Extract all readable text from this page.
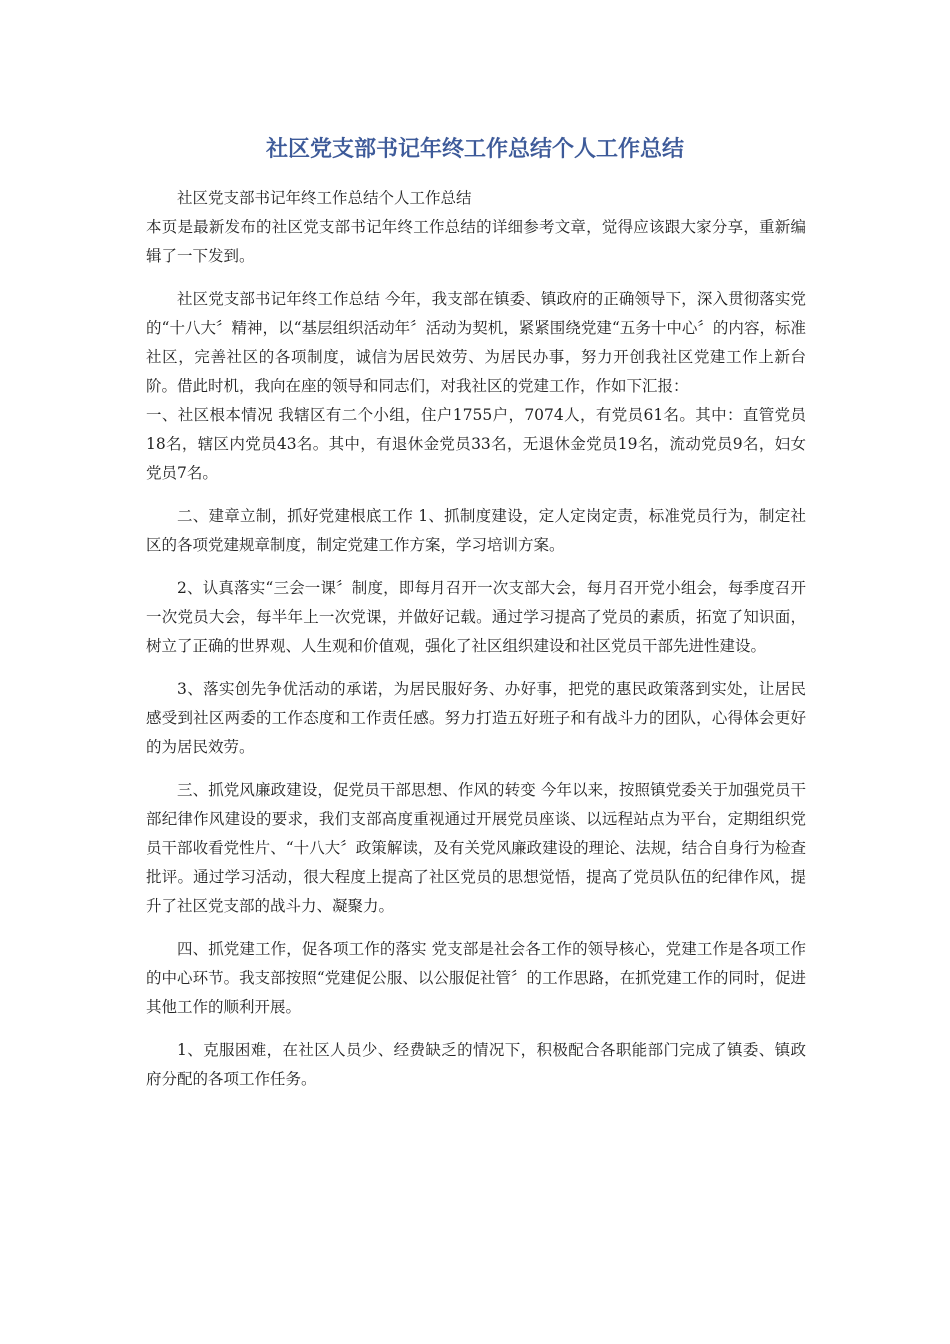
社区党支部书记年终工作总结个人工作总结

社区党支部书记年终工作总结个人工作总结

本页是最新发布的社区党支部书记年终工作总结的详细参考文章，觉得应该跟大家分享，重新编辑了一下发到。

社区党支部书记年终工作总结 今年，我支部在镇委、镇政府的正确领导下，深入贯彻落实党的“十八大〞精神，以“基层组织活动年〞活动为契机，紧紧围绕党建“五务十中心〞的内容，标准社区，完善社区的各项制度，诚信为居民效劳、为居民办事，努力开创我社区党建工作上新台阶。借此时机，我向在座的领导和同志们，对我社区的党建工作，作如下汇报：

一、社区根本情况 我辖区有二个小组，住户1755户，7074人，有党员61名。其中：直管党员18名，辖区内党员43名。其中，有退休金党员33名，无退休金党员19名，流动党员9名，妇女党员7名。

二、建章立制，抓好党建根底工作 1、抓制度建设，定人定岗定责，标准党员行为，制定社区的各项党建规章制度，制定党建工作方案，学习培训方案。

2、认真落实“三会一课〞制度，即每月召开一次支部大会，每月召开党小组会，每季度召开一次党员大会，每半年上一次党课，并做好记载。通过学习提高了党员的素质，拓宽了知识面，树立了正确的世界观、人生观和价值观，强化了社区组织建设和社区党员干部先进性建设。

3、落实创先争优活动的承诺，为居民服好务、办好事，把党的惠民政策落到实处，让居民感受到社区两委的工作态度和工作责任感。努力打造五好班子和有战斗力的团队，心得体会更好的为居民效劳。

三、抓党风廉政建设，促党员干部思想、作风的转变 今年以来，按照镇党委关于加强党员干部纪律作风建设的要求，我们支部高度重视通过开展党员座谈、以远程站点为平台，定期组织党员干部收看党性片、“十八大〞政策解读，及有关党风廉政建设的理论、法规，结合自身行为检查批评。通过学习活动，很大程度上提高了社区党员的思想觉悟，提高了党员队伍的纪律作风，提升了社区党支部的战斗力、凝聚力。

四、抓党建工作，促各项工作的落实 党支部是社会各工作的领导核心，党建工作是各项工作的中心环节。我支部按照“党建促公服、以公服促社管〞的工作思路，在抓党建工作的同时，促进其他工作的顺利开展。

1、克服困难，在社区人员少、经费缺乏的情况下，积极配合各职能部门完成了镇委、镇政府分配的各项工作任务。
